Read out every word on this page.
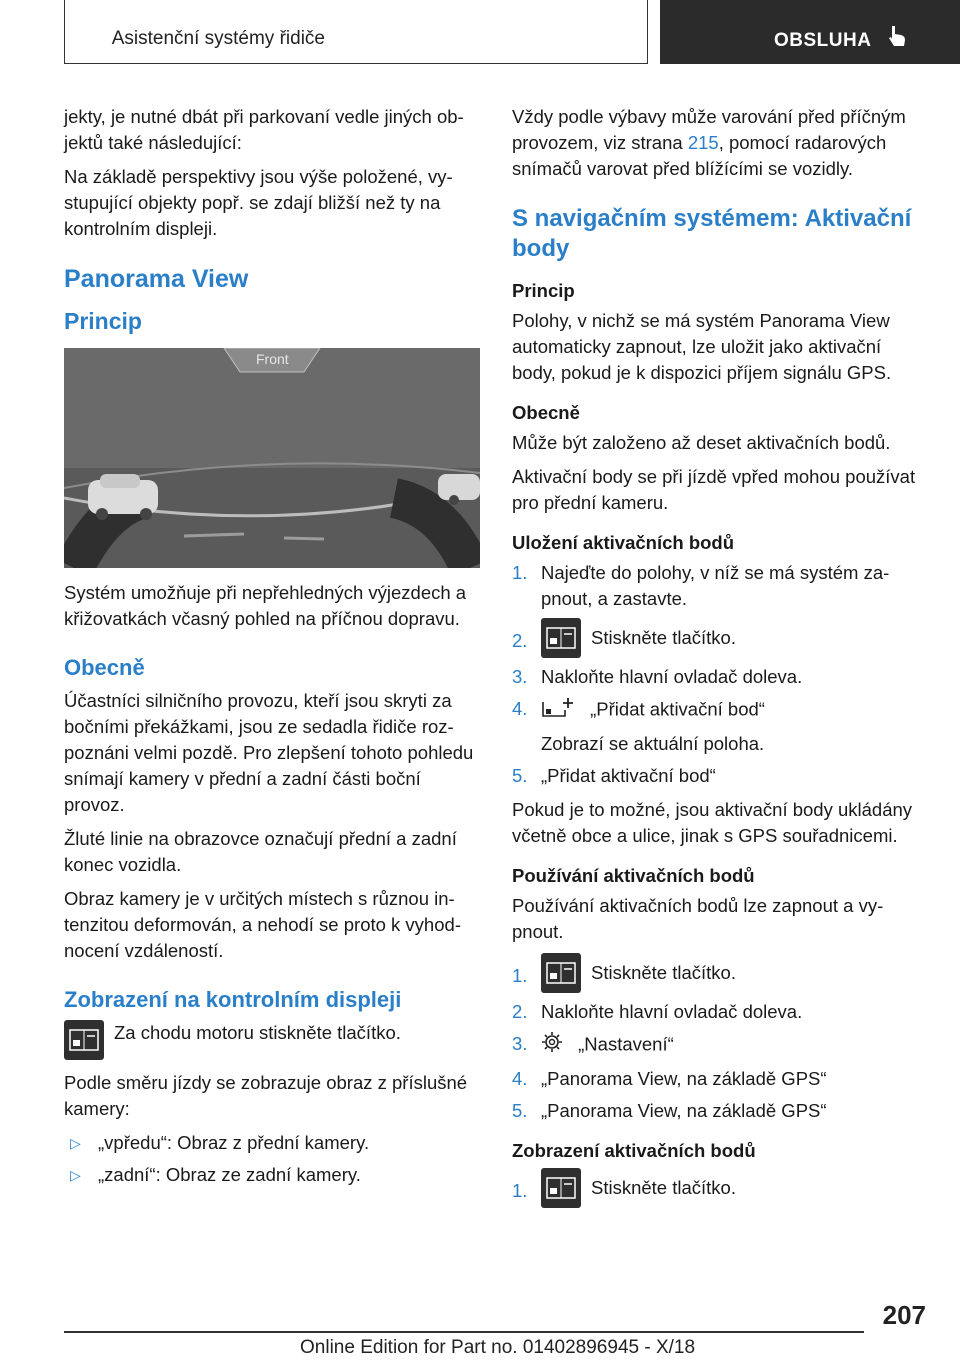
Asistenční systémy řidiče	OBSLUHA

jekty, je nutné dbát při parkovaní vedle jiných objektů také následující:

Na základě perspektivy jsou výše položené, vystupující objekty popř. se zdají bližší než ty na kontrolním displeji.

Panorama View
Princip
Front

Systém umožňuje při nepřehledných výjezdech a křižovatkách včasný pohled na příčnou dopravu.

Obecně

Účastníci silničního provozu, kteří jsou skryti za bočními překážkami, jsou ze sedadla řidiče rozpoznáni velmi pozdě. Pro zlepšení tohoto pohledu snímají kamery v přední a zadní části boční provoz.

Žluté linie na obrazovce označují přední a zadní konec vozidla.

Obraz kamery je v určitých místech s různou intenzitou deformován, a nehodí se proto k vyhodnocení vzdáleností.

Zobrazení na kontrolním displeji

Za chodu motoru stiskněte tlačítko.

Podle směru jízdy se zobrazuje obraz z příslušné kamery:

▷ „vpředu“: Obraz z přední kamery.
▷ „zadní“: Obraz ze zadní kamery.

Vždy podle výbavy může varování před příčným provozem, viz strana 215, pomocí radarových snímačů varovat před blížícími se vozidly.

S navigačním systémem: Aktivační body
Princip

Polohy, v nichž se má systém Panorama View automaticky zapnout, lze uložit jako aktivační body, pokud je k dispozici příjem signálu GPS.

Obecně

Může být založeno až deset aktivačních bodů.

Aktivační body se při jízdě vpřed mohou používat pro přední kameru.

Uložení aktivačních bodů
1. Najeďte do polohy, v níž se má systém zapnout, a zastavte.
2.	Stiskněte tlačítko.
3. Nakloňte hlavní ovladač doleva.
4.	„Přidat aktivační bod“
Zobrazí se aktuální poloha.
5. „Přidat aktivační bod“

Pokud je to možné, jsou aktivační body ukládány včetně obce a ulice, jinak s GPS souřadnicemi.

Používání aktivačních bodů

Používání aktivačních bodů lze zapnout a vypnout.

1.	Stiskněte tlačítko.
2. Nakloňte hlavní ovladač doleva.
3.	„Nastavení“
4. „Panorama View, na základě GPS“
5. „Panorama View, na základě GPS“
Zobrazení aktivačních bodů
1.	Stiskněte tlačítko.
207
Online Edition for Part no. 01402896945 - X/18
